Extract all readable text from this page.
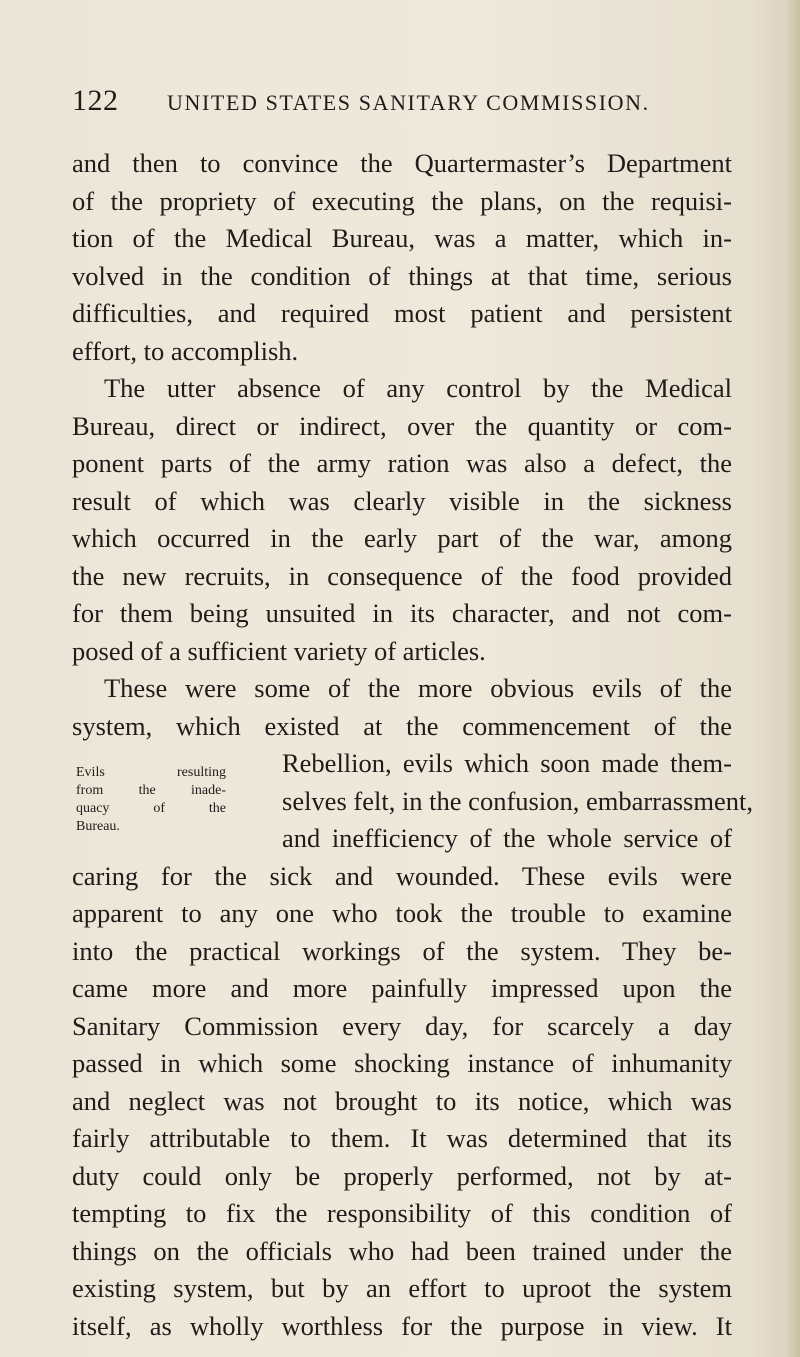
122 UNITED STATES SANITARY COMMISSION.
Evils resulting
from the inade-
quacy of the
Bureau.
and then to convince the Quartermaster’s Department
of the propriety of executing the plans, on the requisi-
tion of the Medical Bureau, was a matter, which in-
volved in the condition of things at that time, serious
difficulties, and required most patient and persistent
effort, to accomplish.
The utter absence of any control by the Medical
Bureau, direct or indirect, over the quantity or com-
ponent parts of the army ration was also a defect, the
result of which was clearly visible in the sickness
which occurred in the early part of the war, among
the new recruits, in consequence of the food provided
for them being unsuited in its character, and not com-
posed of a sufficient variety of articles.
These were some of the more obvious evils of the
system, which existed at the commencement of the
Rebellion, evils which soon made them-
selves felt, in the confusion, embarrassment,
and inefficiency of the whole service of
caring for the sick and wounded. These evils were
apparent to any one who took the trouble to examine
into the practical workings of the system. They be-
came more and more painfully impressed upon the
Sanitary Commission every day, for scarcely a day
passed in which some shocking instance of inhumanity
and neglect was not brought to its notice, which was
fairly attributable to them. It was determined that its
duty could only be properly performed, not by at-
tempting to fix the responsibility of this condition of
things on the officials who had been trained under the
existing system, but by an effort to uproot the system
itself, as wholly worthless for the purpose in view. It
